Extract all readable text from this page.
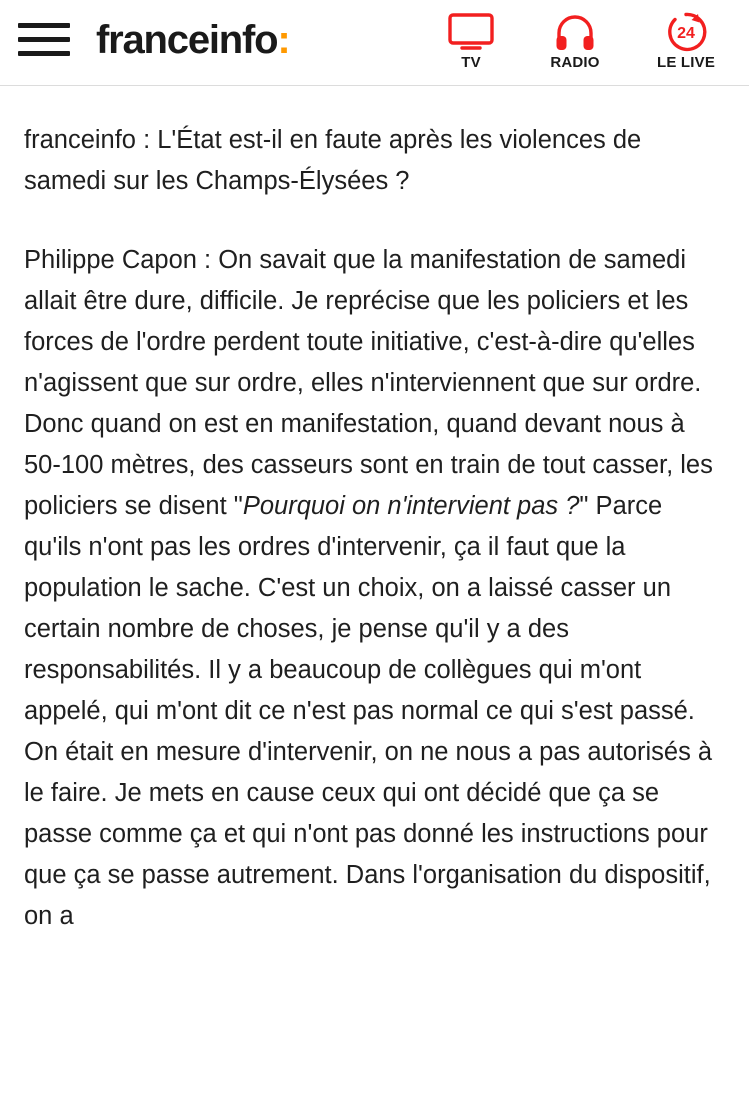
franceinfo:
TV	RADIO
24
LE LIVE

franceinfo : L'État est-il en faute après les violences de samedi sur les Champs-Élysées ?

Philippe Capon : On savait que la manifestation de samedi allait être dure, difficile. Je reprécise que les policiers et les forces de l'ordre perdent toute initiative, c'est-à-dire qu'elles n'agissent que sur ordre, elles n'interviennent que sur ordre. Donc quand on est en manifestation, quand devant nous à 50-100 mètres, des casseurs sont en train de tout casser, les policiers se disent "Pourquoi on n'intervient pas ?" Parce qu'ils n'ont pas les ordres d'intervenir, ça il faut que la population le sache. C'est un choix, on a laissé casser un certain nombre de choses, je pense qu'il y a des responsabilités. Il y a beaucoup de collègues qui m'ont appelé, qui m'ont dit ce n'est pas normal ce qui s'est passé. On était en mesure d'intervenir, on ne nous a pas autorisés à le faire. Je mets en cause ceux qui ont décidé que ça se passe comme ça et qui n'ont pas donné les instructions pour que ça se passe autrement. Dans l'organisation du dispositif, on a
